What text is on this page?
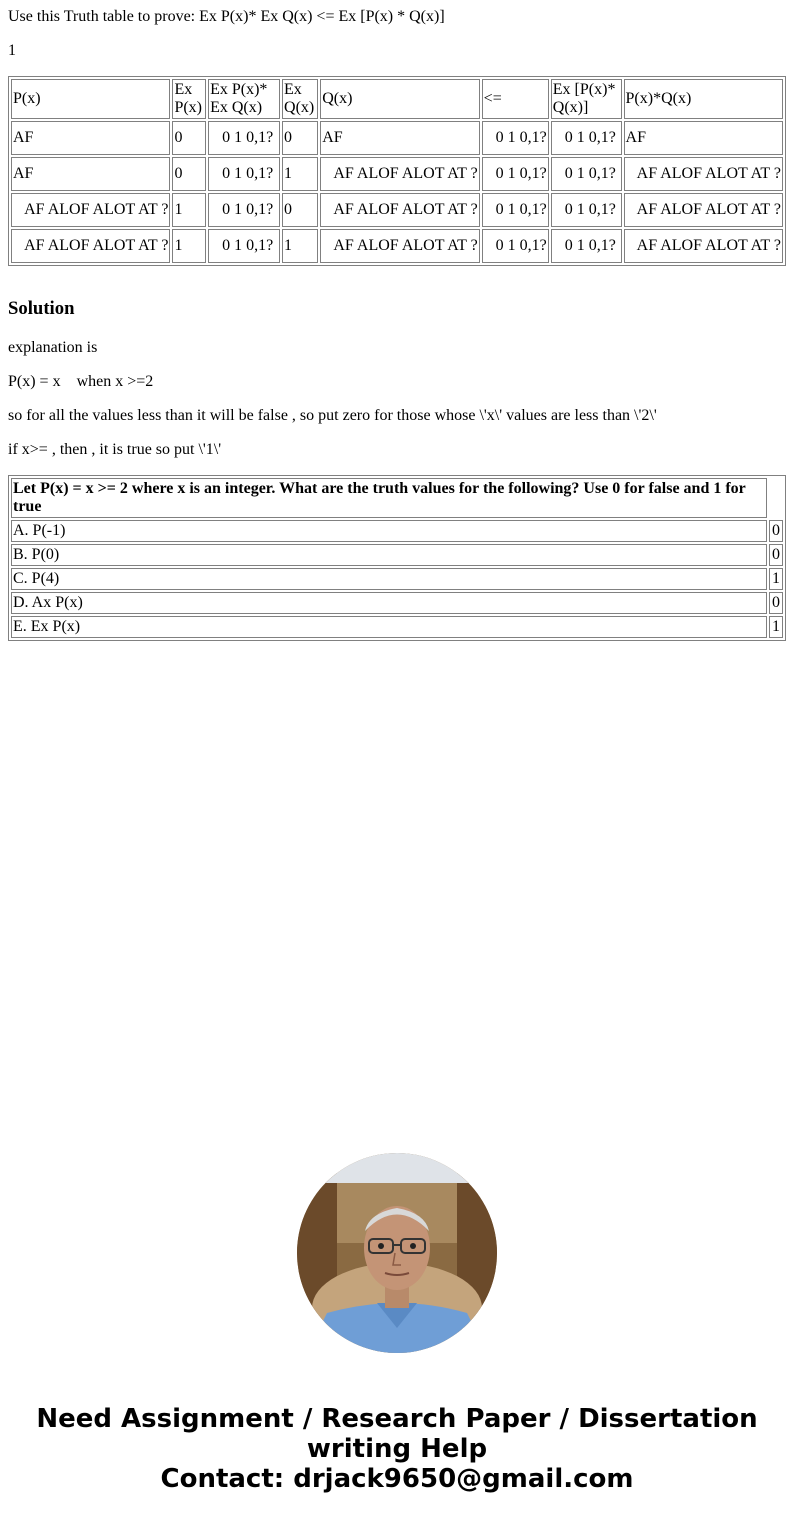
Use this Truth table to prove: Ex P(x)* Ex Q(x) <= Ex [P(x) * Q(x)]

1

P(x)	Ex P(x)	Ex P(x)* Ex Q(x)	Ex Q(x)	Q(x)	<=	Ex [P(x)* Q(x)]	P(x)*Q(x)
AF	0	0 1 0,1?	0	AF	0 1 0,1?	0 1 0,1?	AF
AF	0	0 1 0,1?	1	AF ALOF ALOT AT ?	0 1 0,1?	0 1 0,1?	AF ALOF ALOT AT ?
AF ALOF ALOT AT ?	1	0 1 0,1?	0	AF ALOF ALOT AT ?	0 1 0,1?	0 1 0,1?	AF ALOF ALOT AT ?
AF ALOF ALOT AT ?	1	0 1 0,1?	1	AF ALOF ALOT AT ?	0 1 0,1?	0 1 0,1?	AF ALOF ALOT AT ?
Solution

explanation is

P(x) = x    when x >=2

so for all the values less than it will be false , so put zero for those whose \'x\' values are less than \'2\'

if x>= , then , it is true so put \'1\'

Let P(x) = x >= 2 where x is an integer. What are the truth values for the following? Use 0 for false and 1 for true	
A. P(-1)	0
B. P(0)	0
C. P(4)	1
D. Ax P(x)	0
E. Ex P(x)	1
Need Assignment / Research Paper / Dissertation
writing Help
Contact: drjack9650@gmail.com
